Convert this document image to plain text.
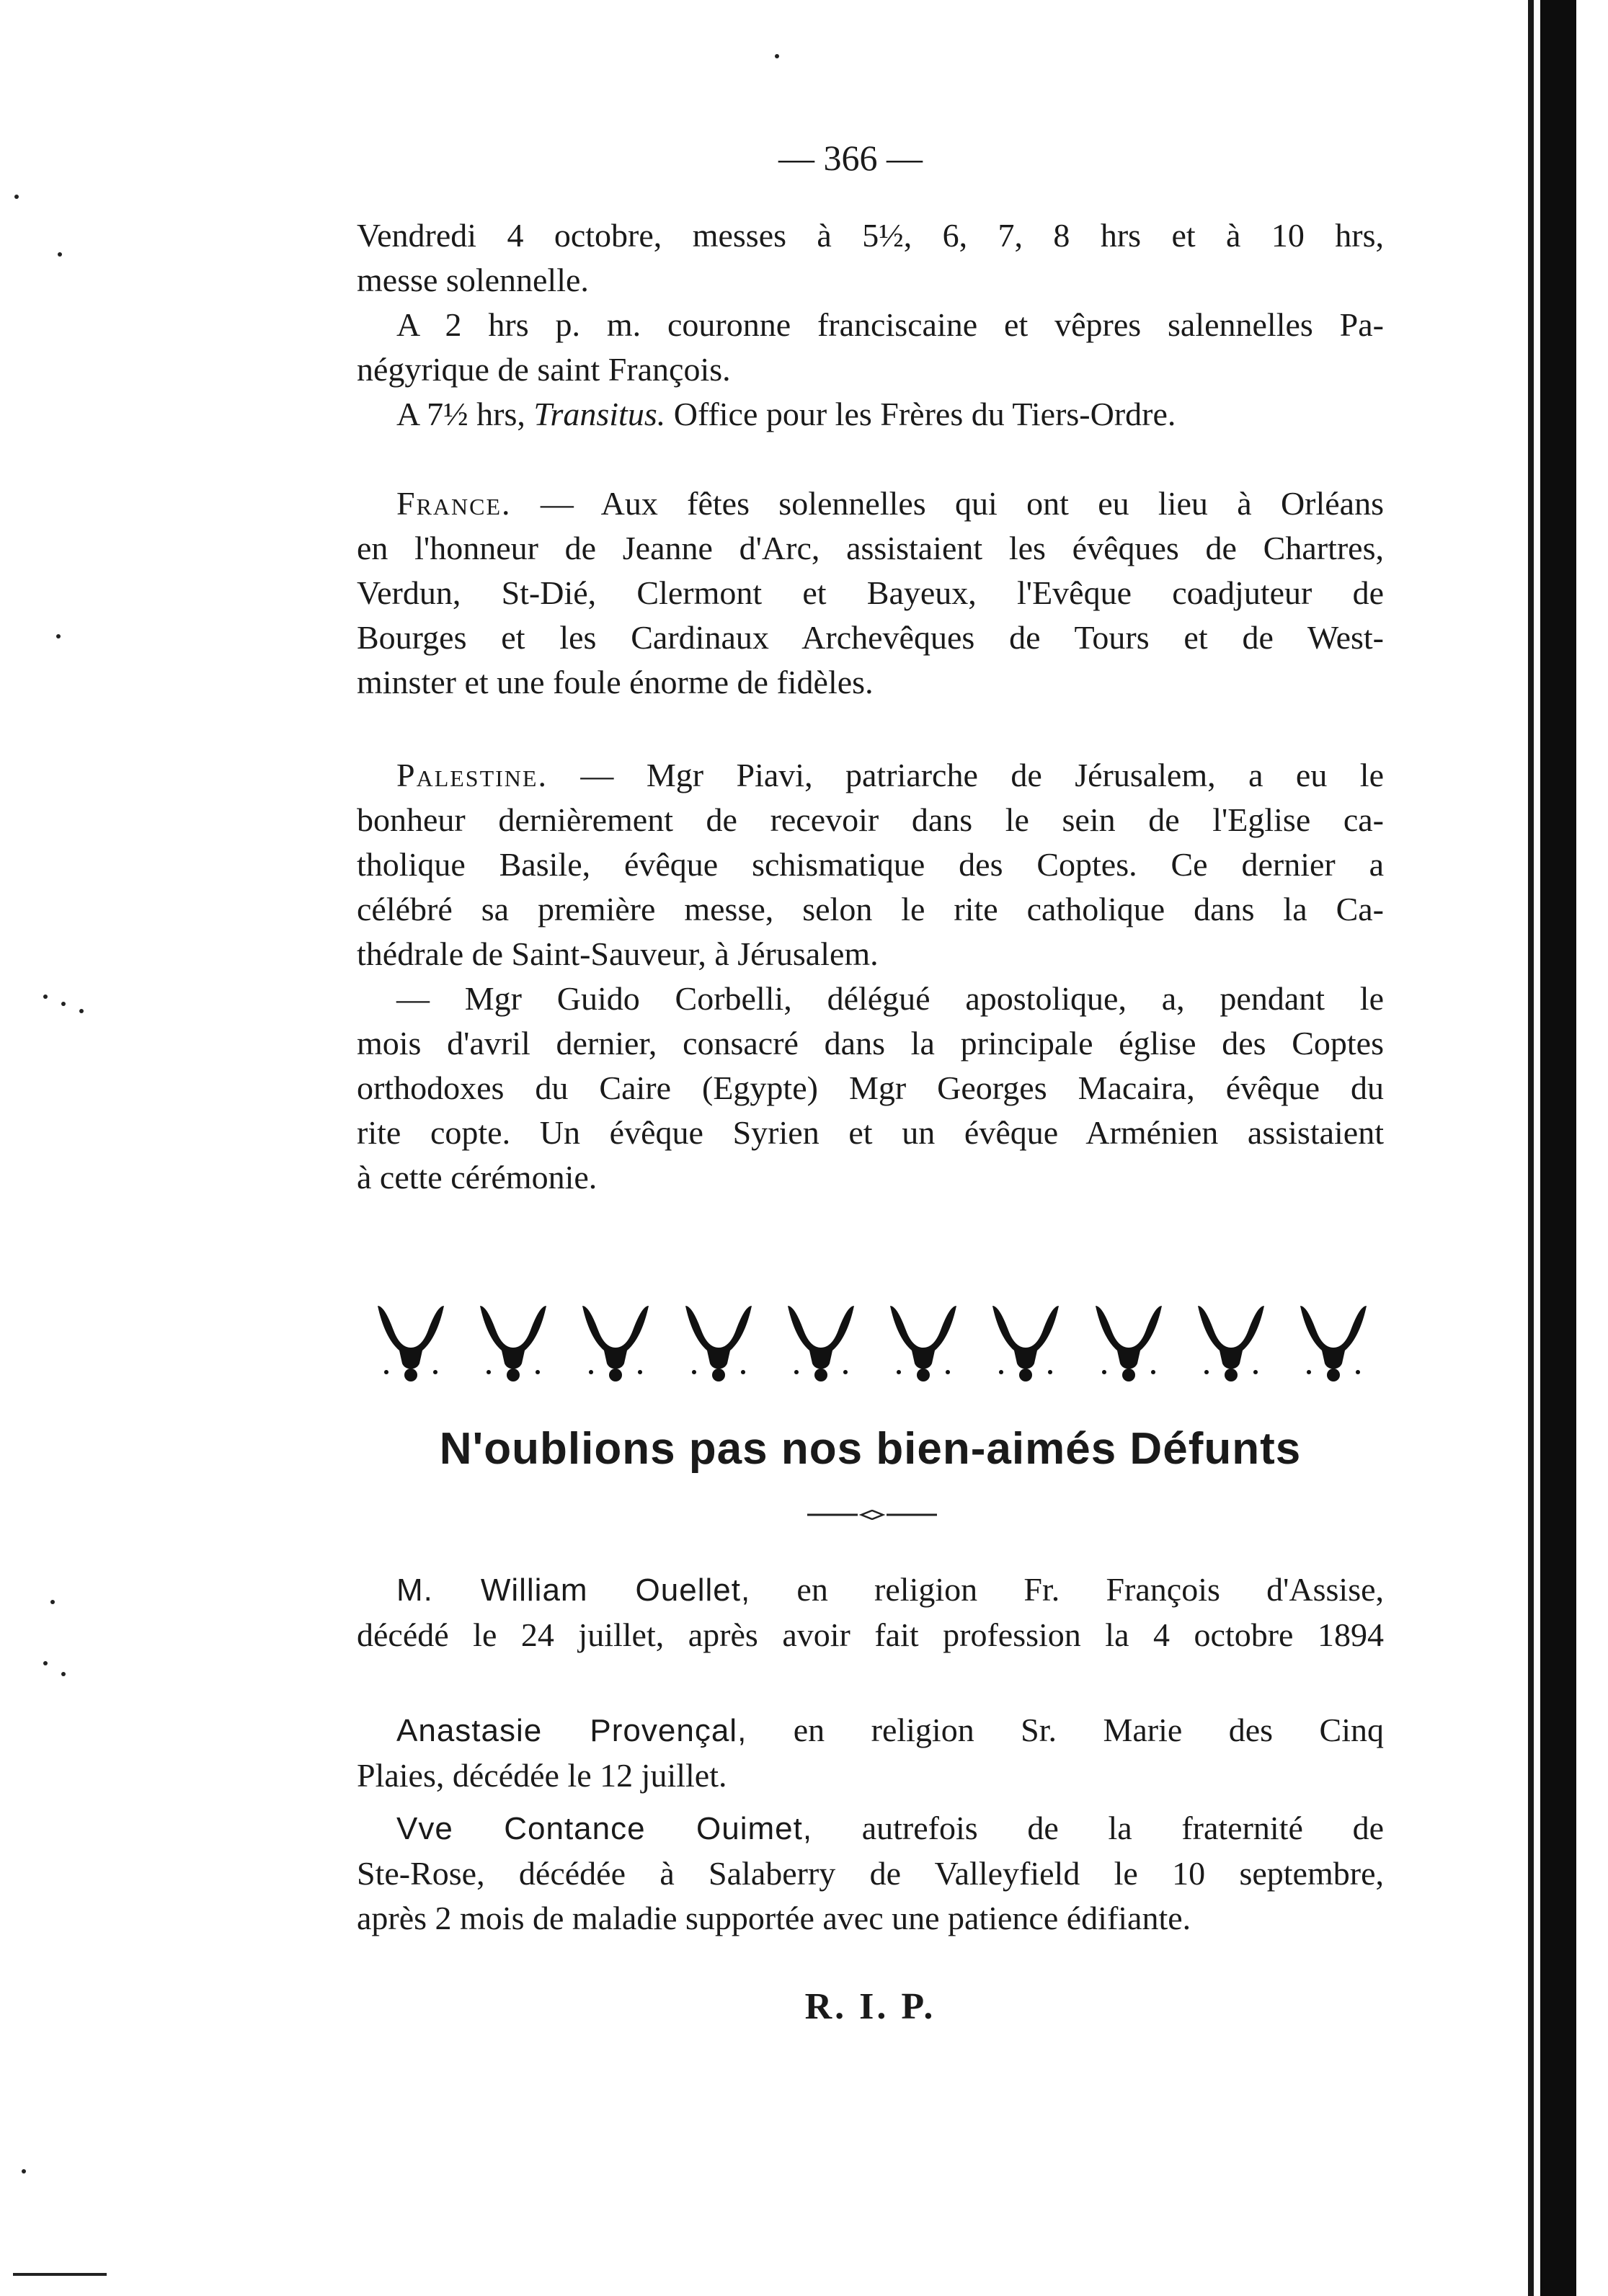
— 366 —

Vendredi 4 octobre, messes à 5½, 6, 7, 8 hrs et à 10 hrs,

messe solennelle.

A 2 hrs p. m. couronne franciscaine et vêpres salennelles Pa-

négyrique de saint François.

A 7½ hrs, Transitus. Office pour les Frères du Tiers-Ordre.

France. — Aux fêtes solennelles qui ont eu lieu à Orléans

en l'honneur de Jeanne d'Arc, assistaient les évêques de Chartres,

Verdun, St-Dié, Clermont et Bayeux, l'Evêque coadjuteur de

Bourges et les Cardinaux Archevêques de Tours et de West-

minster et une foule énorme de fidèles.

Palestine. — Mgr Piavi, patriarche de Jérusalem, a eu le

bonheur dernièrement de recevoir dans le sein de l'Eglise ca-

tholique Basile, évêque schismatique des Coptes. Ce dernier a

célébré sa première messe, selon le rite catholique dans la Ca-

thédrale de Saint-Sauveur, à Jérusalem.

— Mgr Guido Corbelli, délégué apostolique, a, pendant le

mois d'avril dernier, consacré dans la principale église des Coptes

orthodoxes du Caire (Egypte) Mgr Georges Macaira, évêque du

rite copte. Un évêque Syrien et un évêque Arménien assistaient

à cette cérémonie.

N'oublions pas nos bien-aimés Défunts

M. William Ouellet, en religion Fr. François d'Assise,

décédé le 24 juillet, après avoir fait profession la 4 octobre 1894

Anastasie Provençal, en religion Sr. Marie des Cinq

Plaies, décédée le 12 juillet.

Vve Contance Ouimet, autrefois de la fraternité de

Ste-Rose, décédée à Salaberry de Valleyfield le 10 septembre,

après 2 mois de maladie supportée avec une patience édifiante.

R. I. P.
